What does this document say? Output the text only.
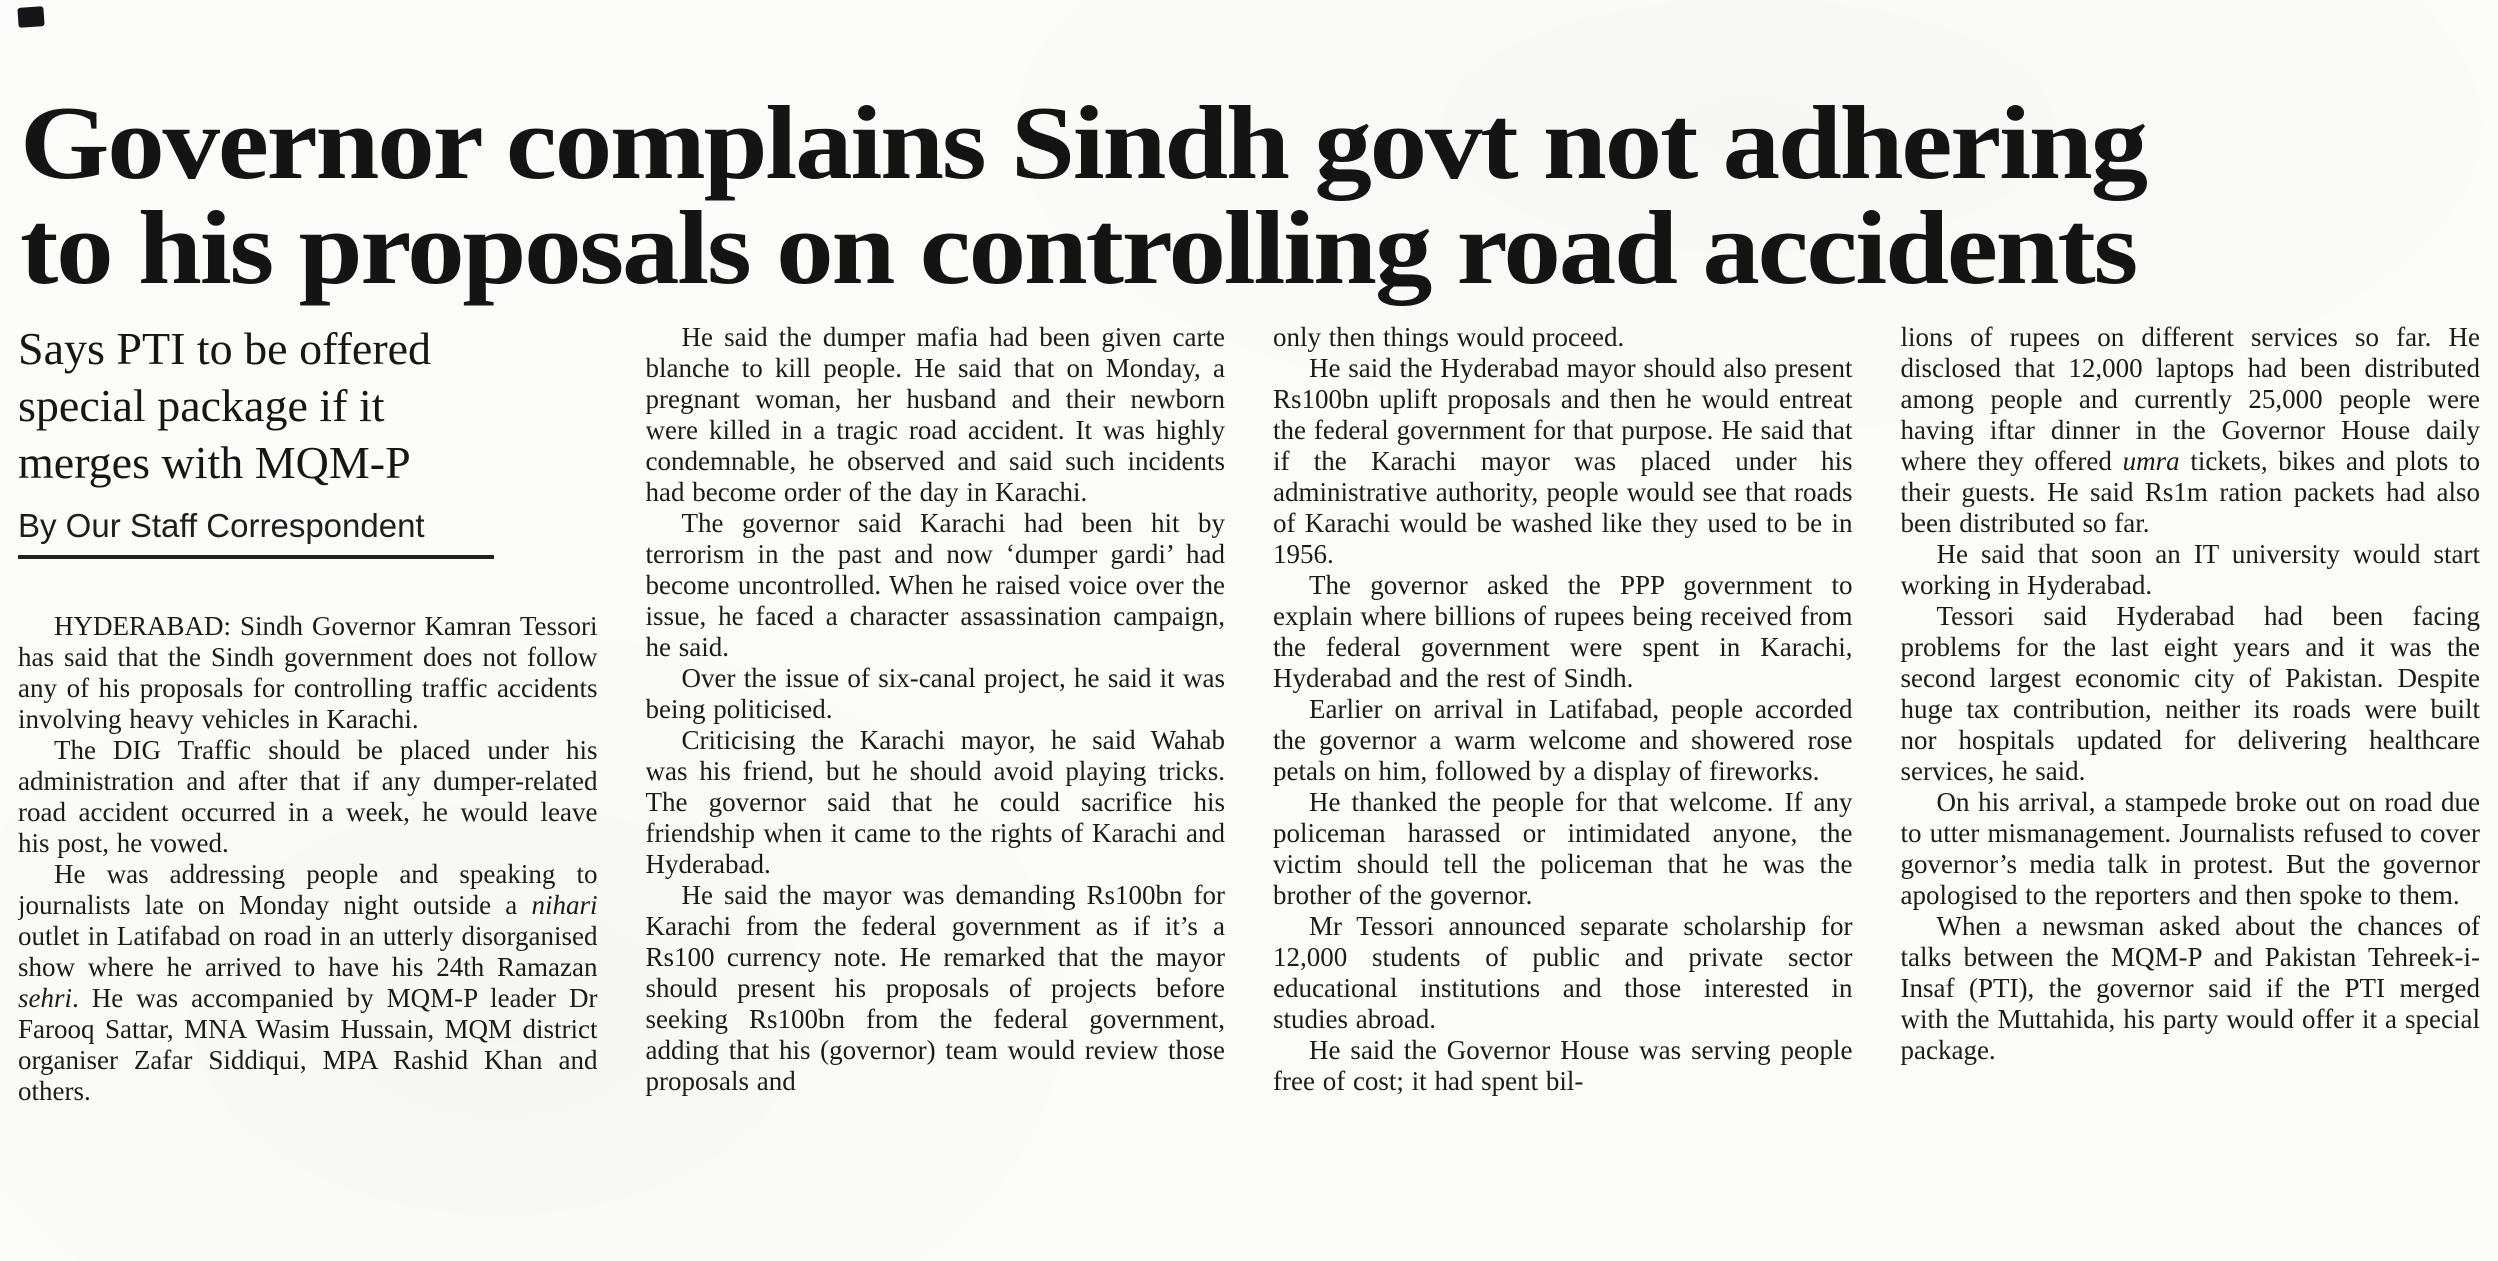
Governor complains Sindh govt not adhering
to his proposals on controlling road accidents
Says PTI to be offered special package if it merges with MQM-P
By Our Staff Correspondent

HYDERABAD: Sindh Governor Kamran Tessori has said that the Sindh government does not follow any of his proposals for controlling traffic accidents involving heavy vehicles in Karachi.

The DIG Traffic should be placed under his administration and after that if any dumper-related road accident occurred in a week, he would leave his post, he vowed.

He was addressing people and speaking to journalists late on Monday night outside a nihari outlet in Latifabad on road in an utterly disorganised show where he arrived to have his 24th Ramazan sehri. He was accompanied by MQM-P leader Dr Farooq Sattar, MNA Wasim Hussain, MQM district organiser Zafar Siddiqui, MPA Rashid Khan and others.

He said the dumper mafia had been given carte blanche to kill people. He said that on Monday, a pregnant woman, her husband and their newborn were killed in a tragic road accident. It was highly condemnable, he observed and said such incidents had become order of the day in Karachi.

The governor said Karachi had been hit by terrorism in the past and now ‘dumper gardi’ had become uncontrolled. When he raised voice over the issue, he faced a character assassination campaign, he said.

Over the issue of six-canal project, he said it was being politicised.

Criticising the Karachi mayor, he said Wahab was his friend, but he should avoid playing tricks. The governor said that he could sacrifice his friendship when it came to the rights of Karachi and Hyderabad.

He said the mayor was demanding Rs100bn for Karachi from the federal government as if it’s a Rs100 currency note. He remarked that the mayor should present his proposals of projects before seeking Rs100bn from the federal government, adding that his (governor) team would review those proposals and

only then things would proceed.

He said the Hyderabad mayor should also present Rs100bn uplift proposals and then he would entreat the federal government for that purpose. He said that if the Karachi mayor was placed under his administrative authority, people would see that roads of Karachi would be washed like they used to be in 1956.

The governor asked the PPP government to explain where billions of rupees being received from the federal government were spent in Karachi, Hyderabad and the rest of Sindh.

Earlier on arrival in Latifabad, people accorded the governor a warm welcome and showered rose petals on him, followed by a display of fireworks.

He thanked the people for that welcome. If any policeman harassed or intimidated anyone, the victim should tell the policeman that he was the brother of the governor.

Mr Tessori announced separate scholarship for 12,000 students of public and private sector educational institutions and those interested in studies abroad.

He said the Governor House was serving people free of cost; it had spent bil-

lions of rupees on different services so far. He disclosed that 12,000 laptops had been distributed among people and currently 25,000 people were having iftar dinner in the Governor House daily where they offered umra tickets, bikes and plots to their guests. He said Rs1m ration packets had also been distributed so far.

He said that soon an IT university would start working in Hyderabad.

Tessori said Hyderabad had been facing problems for the last eight years and it was the second largest economic city of Pakistan. Despite huge tax contribution, neither its roads were built nor hospitals updated for delivering healthcare services, he said.

On his arrival, a stampede broke out on road due to utter mismanagement. Journalists refused to cover governor’s media talk in protest. But the governor apologised to the reporters and then spoke to them.

When a newsman asked about the chances of talks between the MQM-P and Pakistan Tehreek-i-Insaf (PTI), the governor said if the PTI merged with the Muttahida, his party would offer it a special package.
